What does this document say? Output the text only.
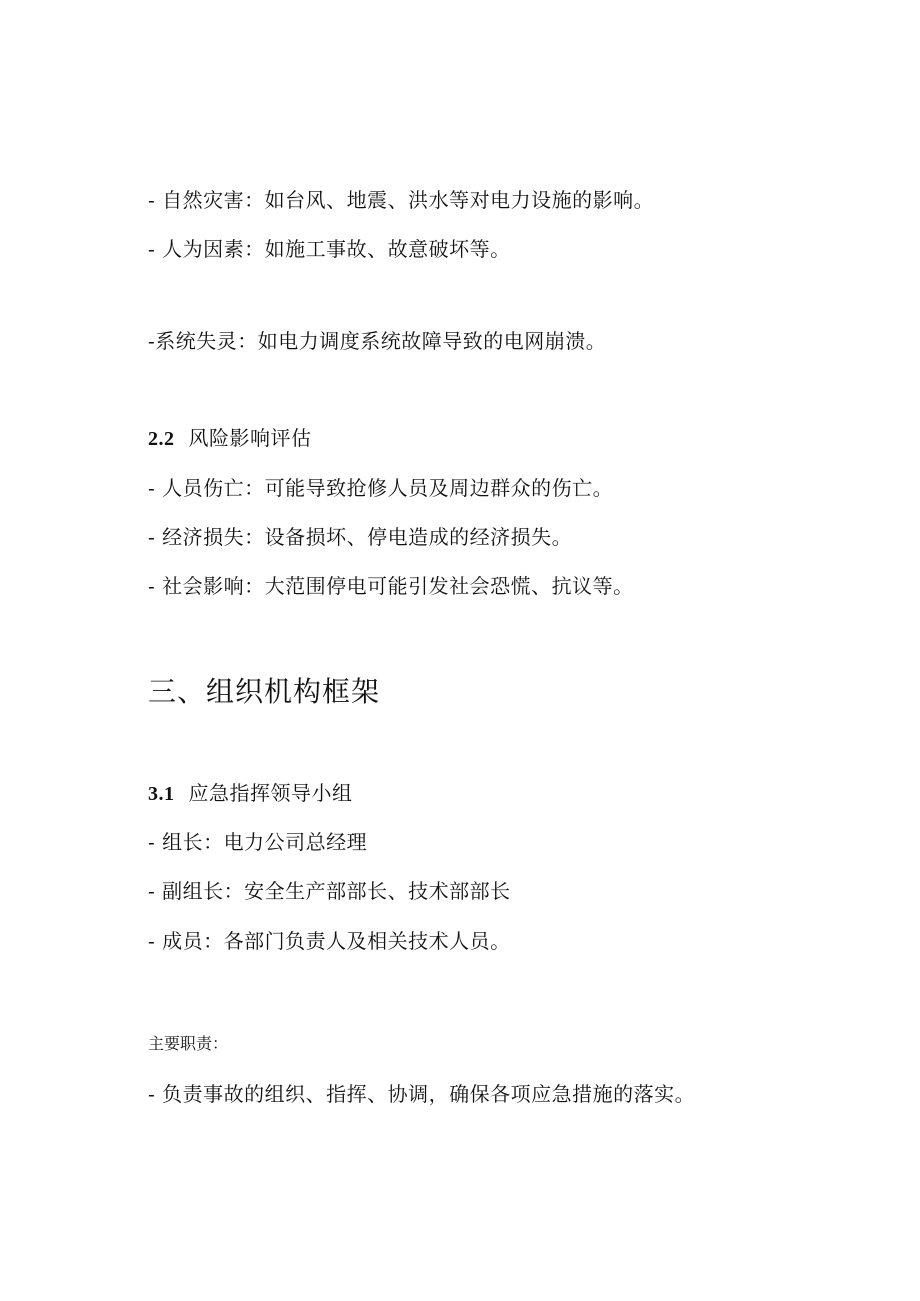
- 自然灾害：如台风、地震、洪水等对电力设施的影响。
- 人为因素：如施工事故、故意破坏等。
-系统失灵：如电力调度系统故障导致的电网崩溃。
2.2 风险影响评估
- 人员伤亡：可能导致抢修人员及周边群众的伤亡。
- 经济损失：设备损坏、停电造成的经济损失。
- 社会影响：大范围停电可能引发社会恐慌、抗议等。
三、组织机构框架
3.1 应急指挥领导小组
- 组长：电力公司总经理
- 副组长：安全生产部部长、技术部部长
- 成员：各部门负责人及相关技术人员。
主要职责：
- 负责事故的组织、指挥、协调，确保各项应急措施的落实。
